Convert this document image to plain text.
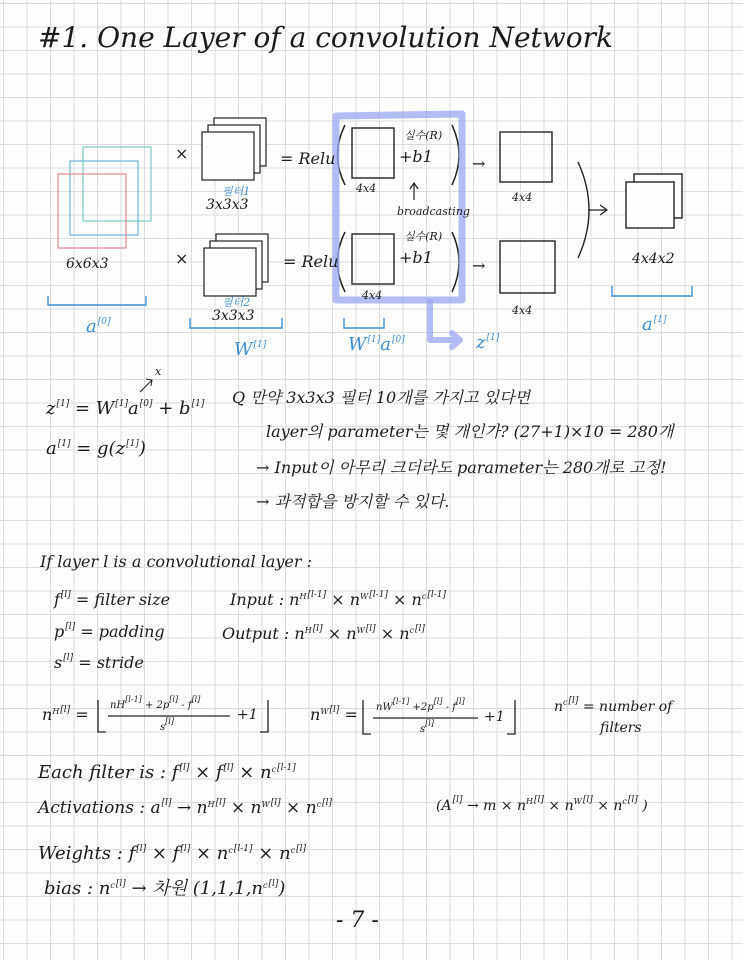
#1. One Layer of a convolution Network
6x6x3
×
×
필터1
3x3x3
필터2
3x3x3
= Relu
= Relu
4x4
4x4
+b1
+b1
실수(R)
실수(R)
broadcasting
→
→
4x4
4x4
4x4x2
a[0]
W[1]	W[1]a[0]	z[1]
a[1]
x
z[1] = W[1]a[0] + b[1]
a[1] = g(z[1])
Q 만약 3x3x3 필터 10개를 가지고 있다면
layer의 parameter는 몇 개인가? (27+1)×10 = 280개
→ Input이 아무리 크더라도 parameter는 280개로 고정!
→ 과적합을 방지할 수 있다.
If layer l is a convolutional layer :
f[l] = filter size
p[l] = padding
s[l] = stride
Input : $n^{H[l-1]} \times n^{W[l-1]} \times n^{c[l-1]}$
Output : $n^{H[l]} \times n^{W[l]} \times n^{c[l]}$
$n^{H[l]} = nH[l-1] + 2p[l] - f[l]$
s[l]	+1	$n^{W[l]} = nW[l-1] +2p[l] - f[l]$
s[l]	+1
$n^{c[l]}$ = number of
filters
Each filter is : $f[l] \times f[l] \times n^{c[l-1]}$
Activations : $a[l] \to n^{H[l]} \times n^{W[l]} \times n^{c[l]}$	($A[l] \to m \times n^{H[l]} \times n^{W[l]} \times n^{c[l]}$ )
Weights : $f[l] \times f[l] \times n^{c[l-1]} \times n^{c[l]}$
bias : $n^{c[l]}$ → 차원 $(1,1,1,n^{c[l]})$
- 7 -
